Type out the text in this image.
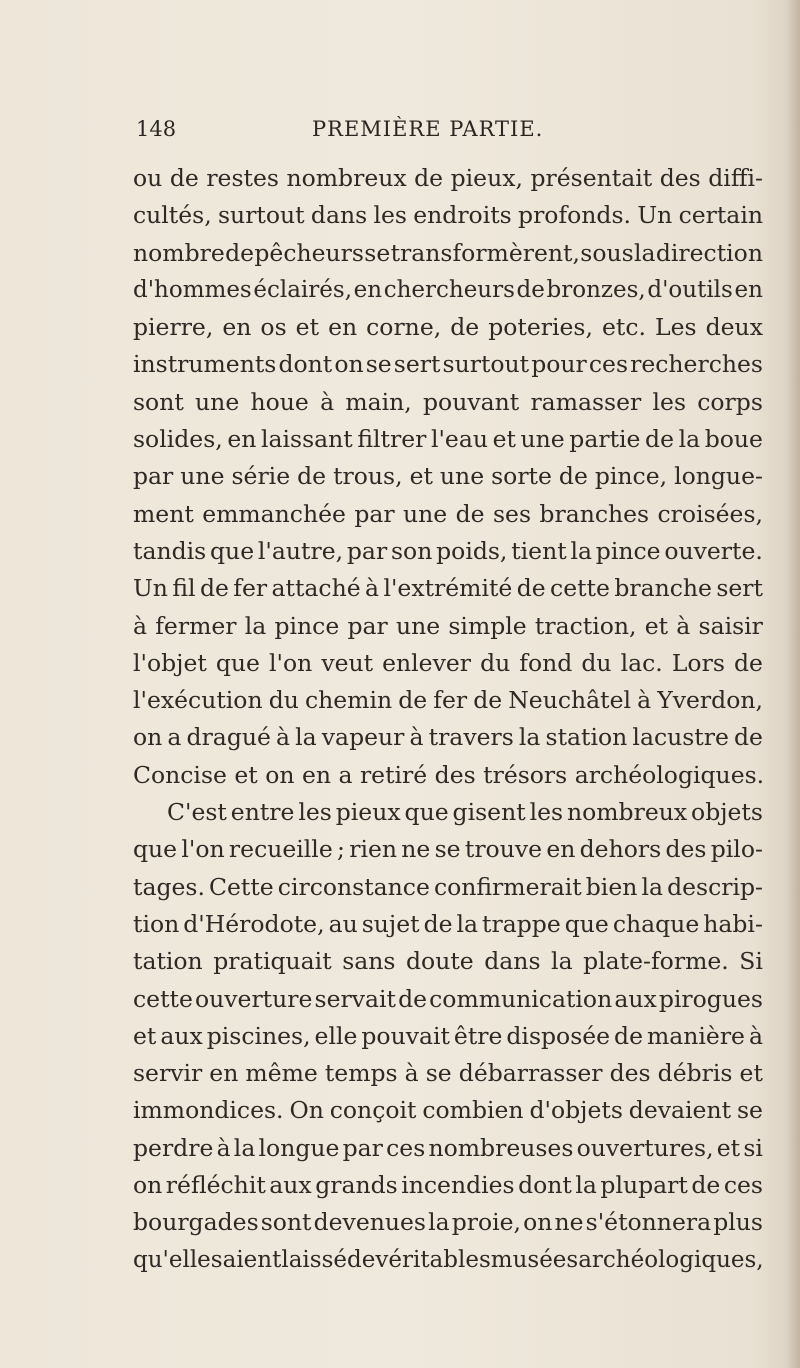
148	PREMIÈRE PARTIE.
ou de restes nombreux de pieux, présentait des diffi-
cultés, surtout dans les endroits profonds. Un certain
nombre de pêcheurs se transformèrent, sous la direction
d'hommes éclairés, en chercheurs de bronzes, d'outils en
pierre, en os et en corne, de poteries, etc. Les deux
instruments dont on se sert surtout pour ces recherches
sont une houe à main, pouvant ramasser les corps
solides, en laissant filtrer l'eau et une partie de la boue
par une série de trous, et une sorte de pince, longue-
ment emmanchée par une de ses branches croisées,
tandis que l'autre, par son poids, tient la pince ouverte.
Un fil de fer attaché à l'extrémité de cette branche sert
à fermer la pince par une simple traction, et à saisir
l'objet que l'on veut enlever du fond du lac. Lors de
l'exécution du chemin de fer de Neuchâtel à Yverdon,
on a dragué à la vapeur à travers la station lacustre de
Concise et on en a retiré des trésors archéologiques.
C'est entre les pieux que gisent les nombreux objets
que l'on recueille ; rien ne se trouve en dehors des pilo-
tages. Cette circonstance confirmerait bien la descrip-
tion d'Hérodote, au sujet de la trappe que chaque habi-
tation pratiquait sans doute dans la plate-forme. Si
cette ouverture servait de communication aux pirogues
et aux piscines, elle pouvait être disposée de manière à
servir en même temps à se débarrasser des débris et
immondices. On conçoit combien d'objets devaient se
perdre à la longue par ces nombreuses ouvertures, et si
on réfléchit aux grands incendies dont la plupart de ces
bourgades sont devenues la proie, on ne s'étonnera plus
qu'elles aient laissé de véritables musées archéologiques,
